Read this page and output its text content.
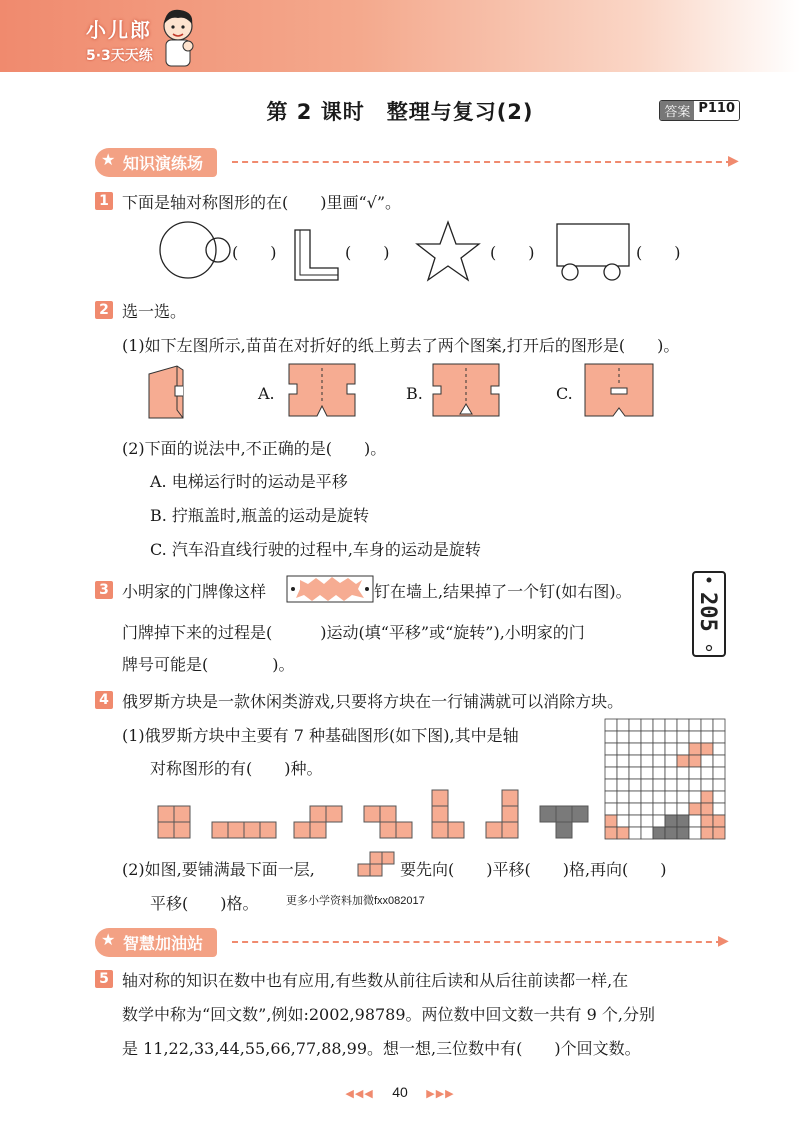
小儿郎
5·3天天练
第 2 课时　整理与复习(2)	答案 P110
★ 知识演练场	▶
1 下面是轴对称图形的在(　　)里画“√”。
(　　)	(　　)	(　　)	(　　)
2 选一选。
(1)如下左图所示,苗苗在对折好的纸上剪去了两个图案,打开后的图形是(　　)。
A.	B.	C.
(2)下面的说法中,不正确的是(　　)。
A. 电梯运行时的运动是平移
B. 拧瓶盖时,瓶盖的运动是旋转
C. 汽车沿直线行驶的过程中,车身的运动是旋转
3 小明家的门牌像这样	钉在墙上,结果掉了一个钉(如右图)。
门牌掉下来的过程是(　　　)运动(填“平移”或“旋转”),小明家的门
牌号可能是(　　　　)。
205
4 俄罗斯方块是一款休闲类游戏,只要将方块在一行铺满就可以消除方块。
(1)俄罗斯方块中主要有 7 种基础图形(如下图),其中是轴
对称图形的有(　　)种。
(2)如图,要铺满最下面一层,	要先向(　　)平移(　　)格,再向(　　)
平移(　　)格。	更多小学资料加微fxx082017
★ 智慧加油站	▶
5 轴对称的知识在数中也有应用,有些数从前往后读和从后往前读都一样,在
数学中称为“回文数”,例如:2002,98789。两位数中回文数一共有 9 个,分别
是 11,22,33,44,55,66,77,88,99。想一想,三位数中有(　　)个回文数。
◀◀◀ 40 ▶▶▶
